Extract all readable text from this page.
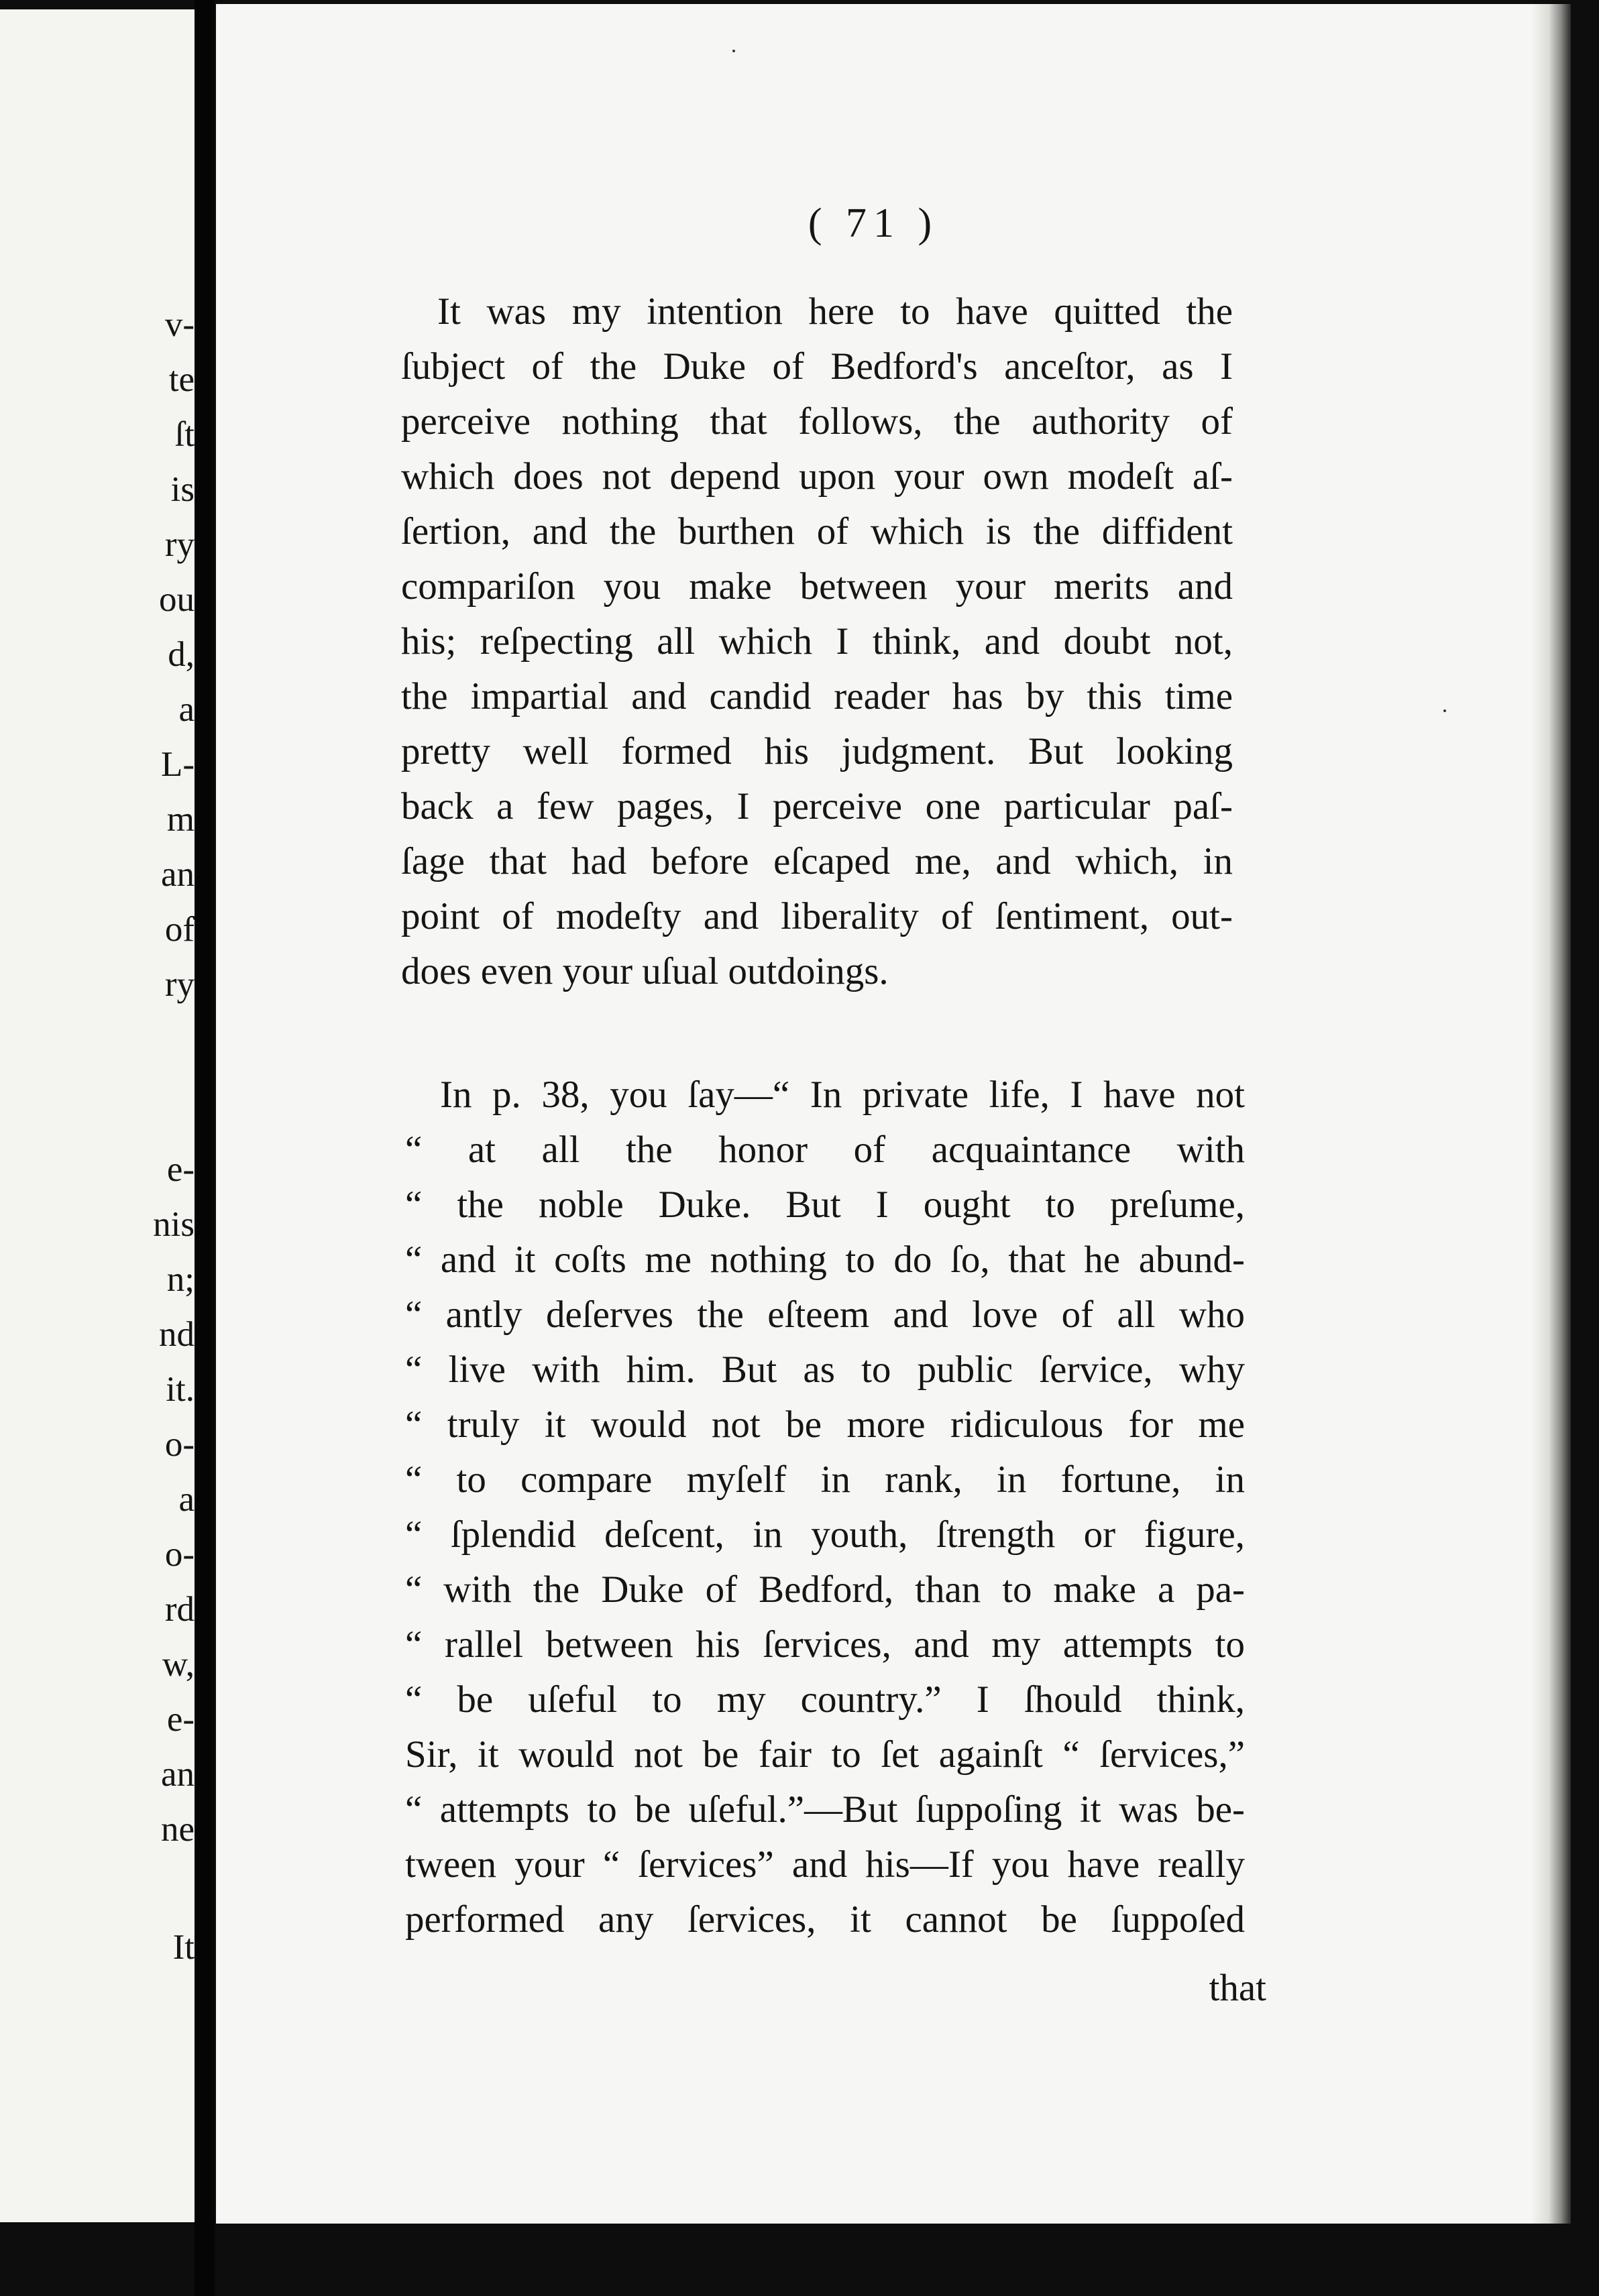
v-
te
ſt
is
ry
ou
d,
a
L-
m
an
of
ry
e-
nis
n;
nd
it.
o-
a
o-
rd
w,
e-
an
ne
It
( 71 )
It was my intention here to have quitted the
ſubject of the Duke of Bedford's anceſtor, as I
perceive nothing that follows, the authority of
which does not depend upon your own modeſt aſ-
ſertion, and the burthen of which is the diffident
compariſon you make between your merits and
his; reſpecting all which I think, and doubt not,
the impartial and candid reader has by this time
pretty well formed his judgment. But looking
back a few pages, I perceive one particular paſ-
ſage that had before eſcaped me, and which, in
point of modeſty and liberality of ſentiment, out-
does even your uſual outdoings.
In p. 38, you ſay—“ In private life, I have not
“ at all the honor of acquaintance with
“ the noble Duke. But I ought to preſume,
“ and it coſts me nothing to do ſo, that he abund-
“ antly deſerves the eſteem and love of all who
“ live with him. But as to public ſervice, why
“ truly it would not be more ridiculous for me
“ to compare myſelf in rank, in fortune, in
“ ſplendid deſcent, in youth, ſtrength or figure,
“ with the Duke of Bedford, than to make a pa-
“ rallel between his ſervices, and my attempts to
“ be uſeful to my country.” I ſhould think,
Sir, it would not be fair to ſet againſt “ ſervices,”
“ attempts to be uſeful.”—But ſuppoſing it was be-
tween your “ ſervices” and his—If you have really
performed any ſervices, it cannot be ſuppoſed
that
